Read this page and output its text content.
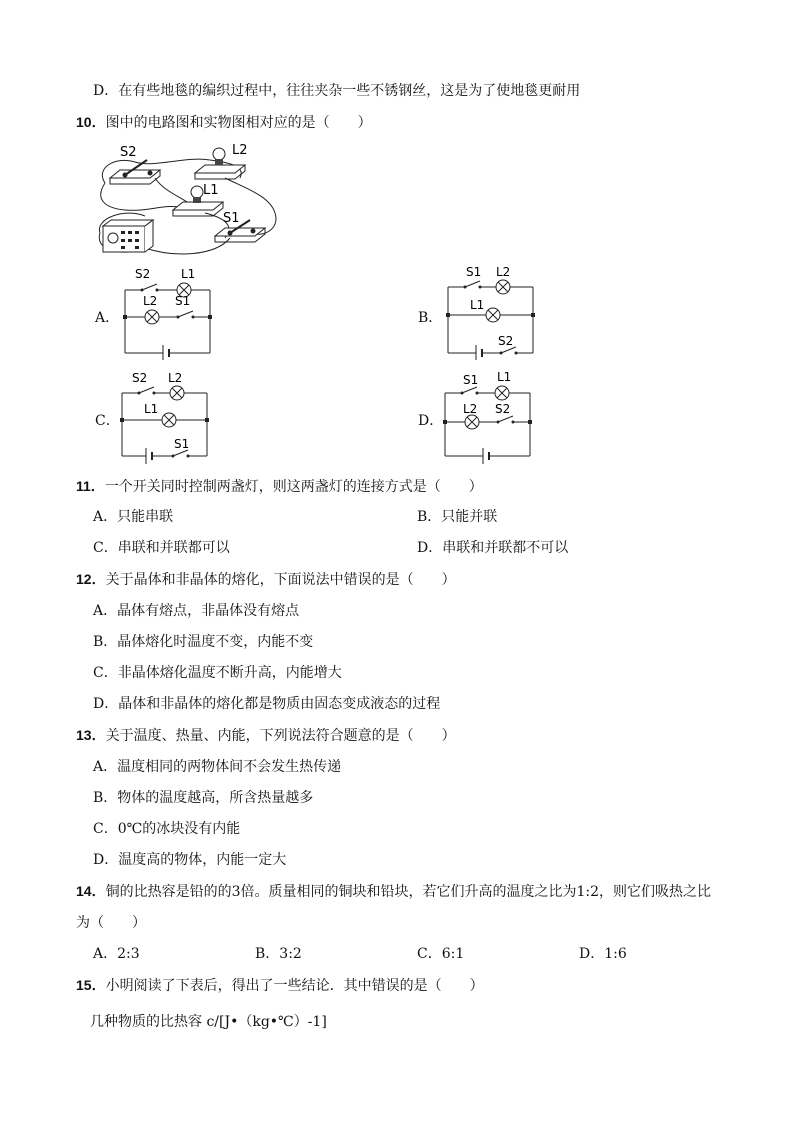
D．在有些地毯的编织过程中，往往夹杂一些不锈钢丝，这是为了使地毯更耐用
10．图中的电路图和实物图相对应的是（　　）
S2	L2
L1
S1
A．
S2	L1
L2 S1
B．
S1 L2
L1
S2
C．
S2 L2
L1
S1
D．
S1 L1
L2 S2
11．一个开关同时控制两盏灯，则这两盏灯的连接方式是（　　）
A．只能串联	B．只能并联
C．串联和并联都可以	D．串联和并联都不可以
12．关于晶体和非晶体的熔化，下面说法中错误的是（　　）
A．晶体有熔点，非晶体没有熔点
B．晶体熔化时温度不变，内能不变
C．非晶体熔化温度不断升高，内能增大
D．晶体和非晶体的熔化都是物质由固态变成液态的过程
13．关于温度、热量、内能，下列说法符合题意的是（　　）
A．温度相同的两物体间不会发生热传递
B．物体的温度越高，所含热量越多
C．0℃的冰块没有内能
D．温度高的物体，内能一定大
14．铜的比热容是铅的的3倍。质量相同的铜块和铅块，若它们升高的温度之比为1:2，则它们吸热之比
为（　　）
A．2:3	B．3:2	C．6:1	D．1:6
15．小明阅读了下表后，得出了一些结论．其中错误的是（　　）
几种物质的比热容 c/[J•（kg•℃）-1]
